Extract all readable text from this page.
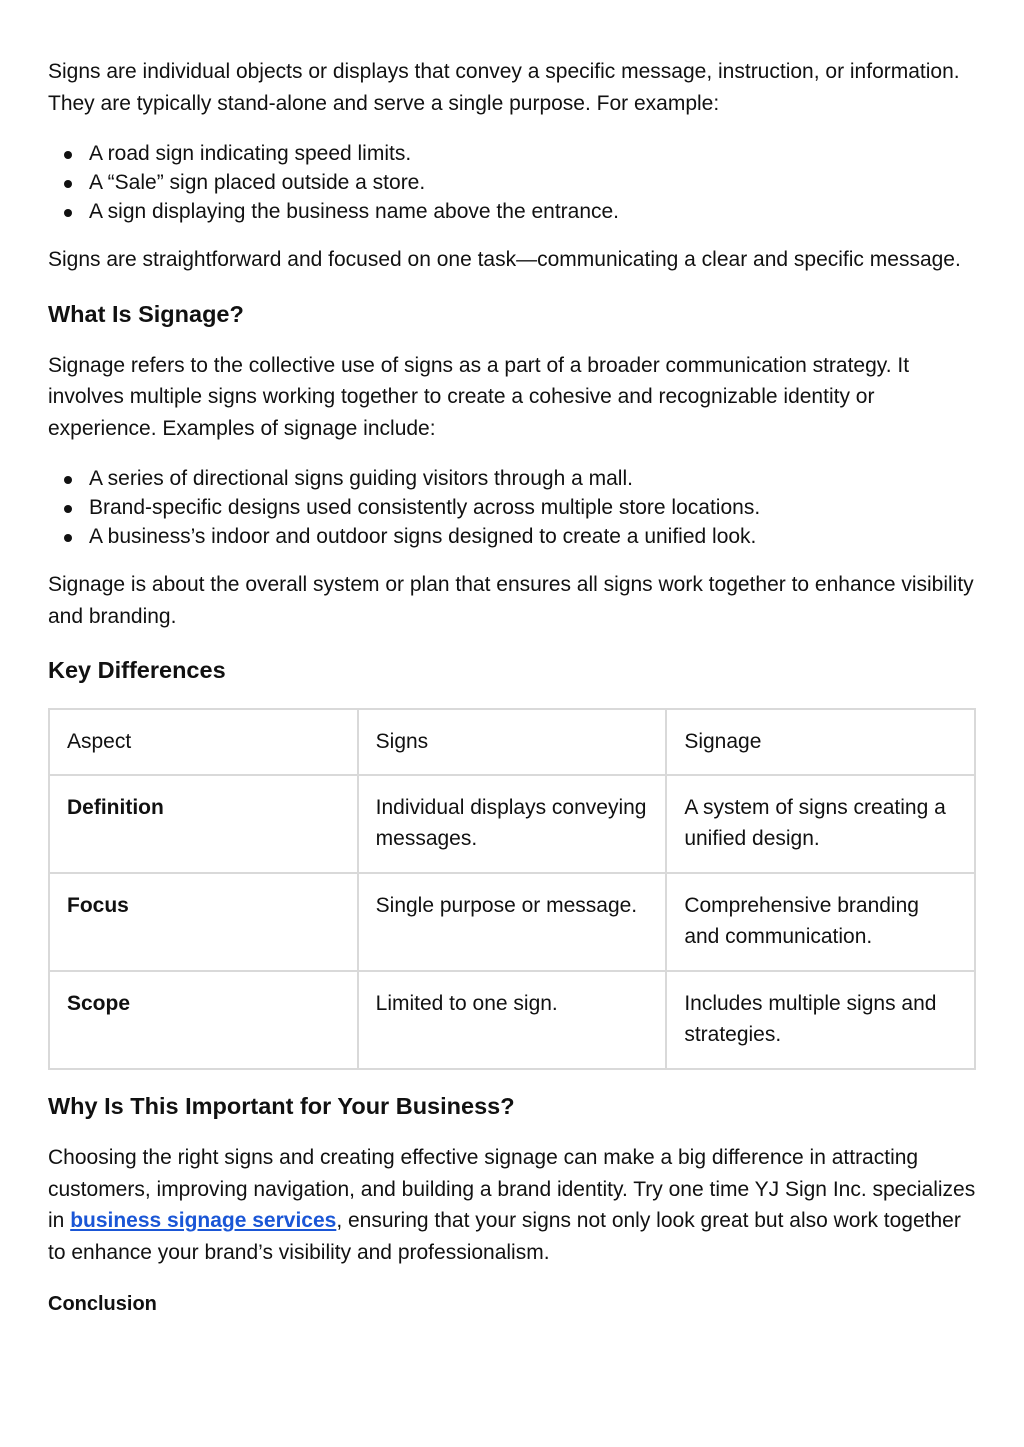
Signs are individual objects or displays that convey a specific message, instruction, or information. They are typically stand-alone and serve a single purpose. For example:

A road sign indicating speed limits.
A “Sale” sign placed outside a store.
A sign displaying the business name above the entrance.

Signs are straightforward and focused on one task—communicating a clear and specific message.

What Is Signage?

Signage refers to the collective use of signs as a part of a broader communication strategy. It involves multiple signs working together to create a cohesive and recognizable identity or experience. Examples of signage include:

A series of directional signs guiding visitors through a mall.
Brand-specific designs used consistently across multiple store locations.
A business’s indoor and outdoor signs designed to create a unified look.

Signage is about the overall system or plan that ensures all signs work together to enhance visibility and branding.

Key Differences
Aspect	Signs	Signage
Definition	Individual displays conveying messages.	A system of signs creating a unified design.
Focus	Single purpose or message.	Comprehensive branding and communication.
Scope	Limited to one sign.	Includes multiple signs and strategies.
Why Is This Important for Your Business?

Choosing the right signs and creating effective signage can make a big difference in attracting customers, improving navigation, and building a brand identity. Try one time YJ Sign Inc. specializes in business signage services, ensuring that your signs not only look great but also work together to enhance your brand’s visibility and professionalism.

Conclusion
